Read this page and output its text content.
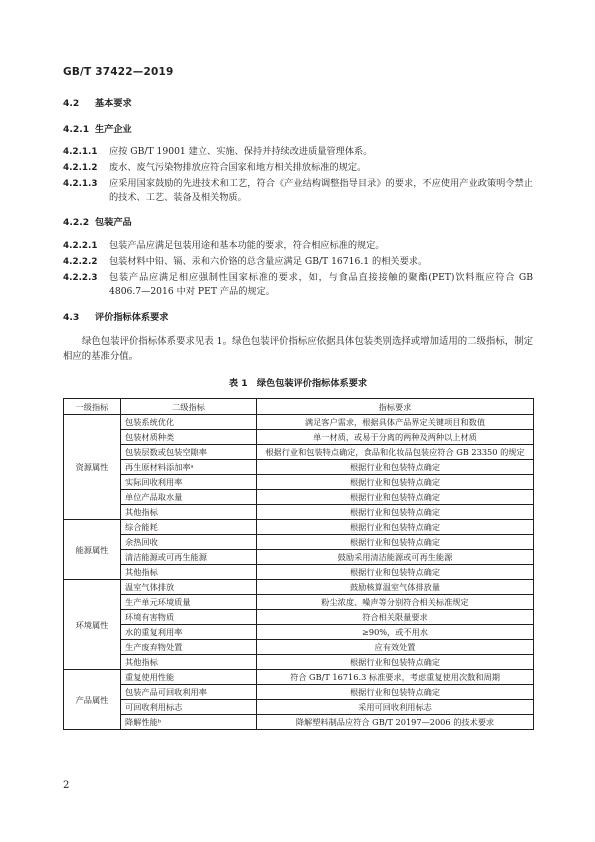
GB/T 37422—2019
4.2 基本要求
4.2.1 生产企业
4.2.1.1	应按 GB/T 19001 建立、实施、保持并持续改进质量管理体系。
4.2.1.2	废水、废气污染物排放应符合国家和地方相关排放标准的规定。
4.2.1.3	应采用国家鼓励的先进技术和工艺，符合《产业结构调整指导目录》的要求，不应使用产业政策明令禁止的技术、工艺、装备及相关物质。
4.2.2 包装产品
4.2.2.1	包装产品应满足包装用途和基本功能的要求，符合相应标准的规定。
4.2.2.2	包装材料中铅、镉、汞和六价铬的总含量应满足 GB/T 16716.1 的相关要求。
4.2.2.3	包装产品应满足相应强制性国家标准的要求，如，与食品直接接触的聚酯(PET)饮料瓶应符合 GB 4806.7—2016 中对 PET 产品的规定。
4.3 评价指标体系要求
绿色包装评价指标体系要求见表 1。绿色包装评价指标应依据具体包装类别选择或增加适用的二级指标，制定相应的基准分值。
表 1　绿色包装评价指标体系要求
一级指标	二级指标	指标要求
资源属性	包装系统优化	满足客户需求，根据具体产品界定关键项目和数值
	包装材质种类	单一材质，或易于分离的两种及两种以上材质
	包装层数或包装空隙率	根据行业和包装特点确定，食品和化妆品包装应符合 GB 23350 的规定
	再生原材料添加率ᵃ	根据行业和包装特点确定
	实际回收利用率	根据行业和包装特点确定
	单位产品取水量	根据行业和包装特点确定
	其他指标	根据行业和包装特点确定
能源属性	综合能耗	根据行业和包装特点确定
	余热回收	根据行业和包装特点确定
	清洁能源或可再生能源	鼓励采用清洁能源或可再生能源
	其他指标	根据行业和包装特点确定
环境属性	温室气体排放	鼓励核算温室气体排放量
	生产单元环境质量	粉尘浓度、噪声等分别符合相关标准规定
	环境有害物质	符合相关限量要求
	水的重复利用率	≥90%，或不用水
	生产废弃物处置	应有效处置
	其他指标	根据行业和包装特点确定
产品属性	重复使用性能	符合 GB/T 16716.3 标准要求，考虑重复使用次数和周期
	包装产品可回收利用率	根据行业和包装特点确定
	可回收利用标志	采用可回收利用标志
	降解性能ᵇ	降解塑料制品应符合 GB/T 20197—2006 的技术要求
2
